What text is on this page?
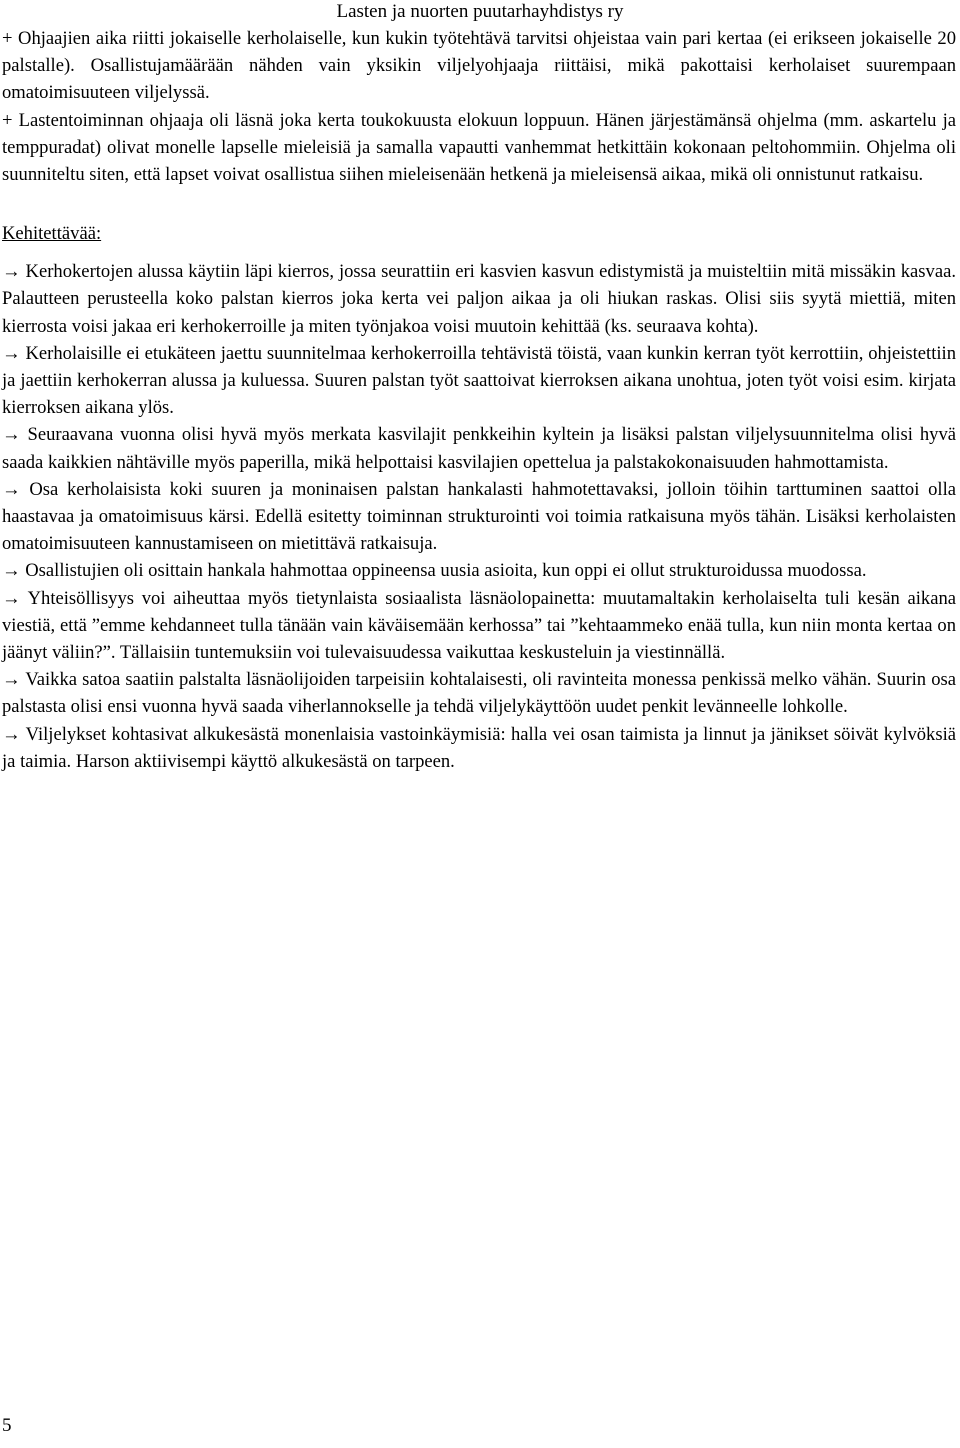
Lasten ja nuorten puutarhayhdistys ry

+ Ohjaajien aika riitti jokaiselle kerholaiselle, kun kukin työtehtävä tarvitsi ohjeistaa vain pari kertaa (ei erikseen jokaiselle 20 palstalle). Osallistujamäärään nähden vain yksikin viljelyohjaaja riittäisi, mikä pakottaisi kerholaiset suurempaan omatoimisuuteen viljelyssä.

+ Lastentoiminnan ohjaaja oli läsnä joka kerta toukokuusta elokuun loppuun. Hänen järjestämänsä ohjelma (mm. askartelu ja temppuradat) olivat monelle lapselle mieleisiä ja samalla vapautti vanhemmat hetkittäin kokonaan peltohommiin. Ohjelma oli suunniteltu siten, että lapset voivat osallistua siihen mieleisenään hetkenä ja mieleisensä aikaa, mikä oli onnistunut ratkaisu.

Kehitettävää:

→ Kerhokertojen alussa käytiin läpi kierros, jossa seurattiin eri kasvien kasvun edistymistä ja muisteltiin mitä missäkin kasvaa. Palautteen perusteella koko palstan kierros joka kerta vei paljon aikaa ja oli hiukan raskas. Olisi siis syytä miettiä, miten kierrosta voisi jakaa eri kerhokerroille ja miten työnjakoa voisi muutoin kehittää (ks. seuraava kohta).

→ Kerholaisille ei etukäteen jaettu suunnitelmaa kerhokerroilla tehtävistä töistä, vaan kunkin kerran työt kerrottiin, ohjeistettiin ja jaettiin kerhokerran alussa ja kuluessa. Suuren palstan työt saattoivat kierroksen aikana unohtua, joten työt voisi esim. kirjata kierroksen aikana ylös.

→ Seuraavana vuonna olisi hyvä myös merkata kasvilajit penkkeihin kyltein ja lisäksi palstan viljelysuunnitelma olisi hyvä saada kaikkien nähtäville myös paperilla, mikä helpottaisi kasvilajien opettelua ja palstakokonaisuuden hahmottamista.

→ Osa kerholaisista koki suuren ja moninaisen palstan hankalasti hahmotettavaksi, jolloin töihin tarttuminen saattoi olla haastavaa ja omatoimisuus kärsi. Edellä esitetty toiminnan strukturointi voi toimia ratkaisuna myös tähän. Lisäksi kerholaisten omatoimisuuteen kannustamiseen on mietittävä ratkaisuja.

→ Osallistujien oli osittain hankala hahmottaa oppineensa uusia asioita, kun oppi ei ollut strukturoidussa muodossa.

→ Yhteisöllisyys voi aiheuttaa myös tietynlaista sosiaalista läsnäolopainetta: muutamaltakin kerholaiselta tuli kesän aikana viestiä, että ”emme kehdanneet tulla tänään vain käväisemään kerhossa” tai ”kehtaammeko enää tulla, kun niin monta kertaa on jäänyt väliin?”. Tällaisiin tuntemuksiin voi tulevaisuudessa vaikuttaa keskusteluin ja viestinnällä.

→ Vaikka satoa saatiin palstalta läsnäolijoiden tarpeisiin kohtalaisesti, oli ravinteita monessa penkissä melko vähän. Suurin osa palstasta olisi ensi vuonna hyvä saada viherlannokselle ja tehdä viljelykäyttöön uudet penkit levänneelle lohkolle.

→ Viljelykset kohtasivat alkukesästä monenlaisia vastoinkäymisiä: halla vei osan taimista ja linnut ja jänikset söivät kylvöksiä ja taimia. Harson aktiivisempi käyttö alkukesästä on tarpeen.

5
